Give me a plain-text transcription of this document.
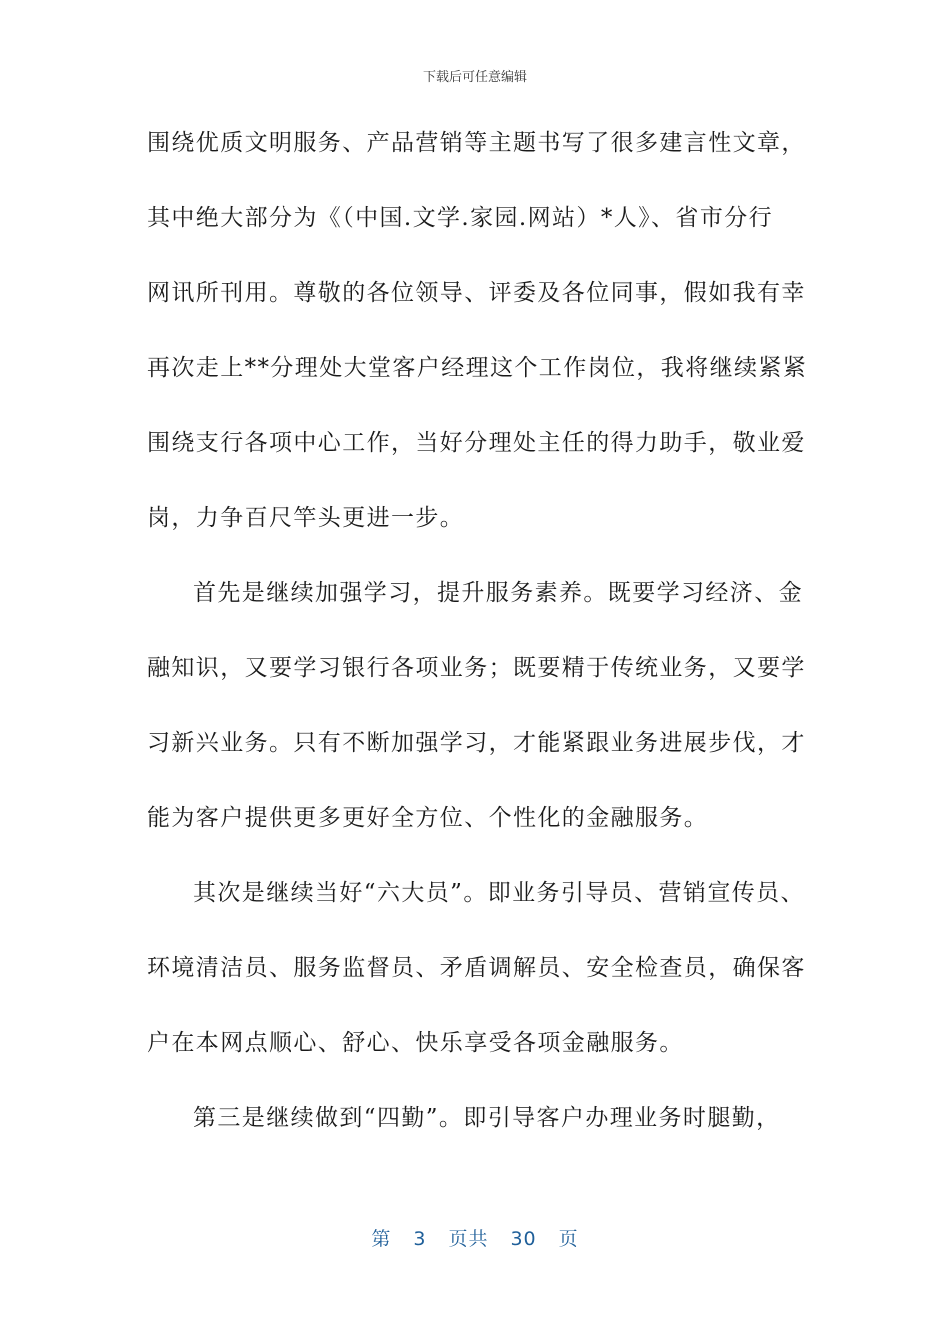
下载后可任意编辑
围绕优质文明服务、产品营销等主题书写了很多建言性文章，
其中绝大部分为《（中国.文学.家园.网站）*人》、省市分行
网讯所刊用。尊敬的各位领导、评委及各位同事，假如我有幸
再次走上**分理处大堂客户经理这个工作岗位，我将继续紧紧
围绕支行各项中心工作，当好分理处主任的得力助手，敬业爱
岗，力争百尺竿头更进一步。
首先是继续加强学习，提升服务素养。既要学习经济、金
融知识，又要学习银行各项业务；既要精于传统业务，又要学
习新兴业务。只有不断加强学习，才能紧跟业务进展步伐，才
能为客户提供更多更好全方位、个性化的金融服务。
其次是继续当好“六大员”。即业务引导员、营销宣传员、
环境清洁员、服务监督员、矛盾调解员、安全检查员，确保客
户在本网点顺心、舒心、快乐享受各项金融服务。
第三是继续做到“四勤”。即引导客户办理业务时腿勤，
第 3 页共 30 页
